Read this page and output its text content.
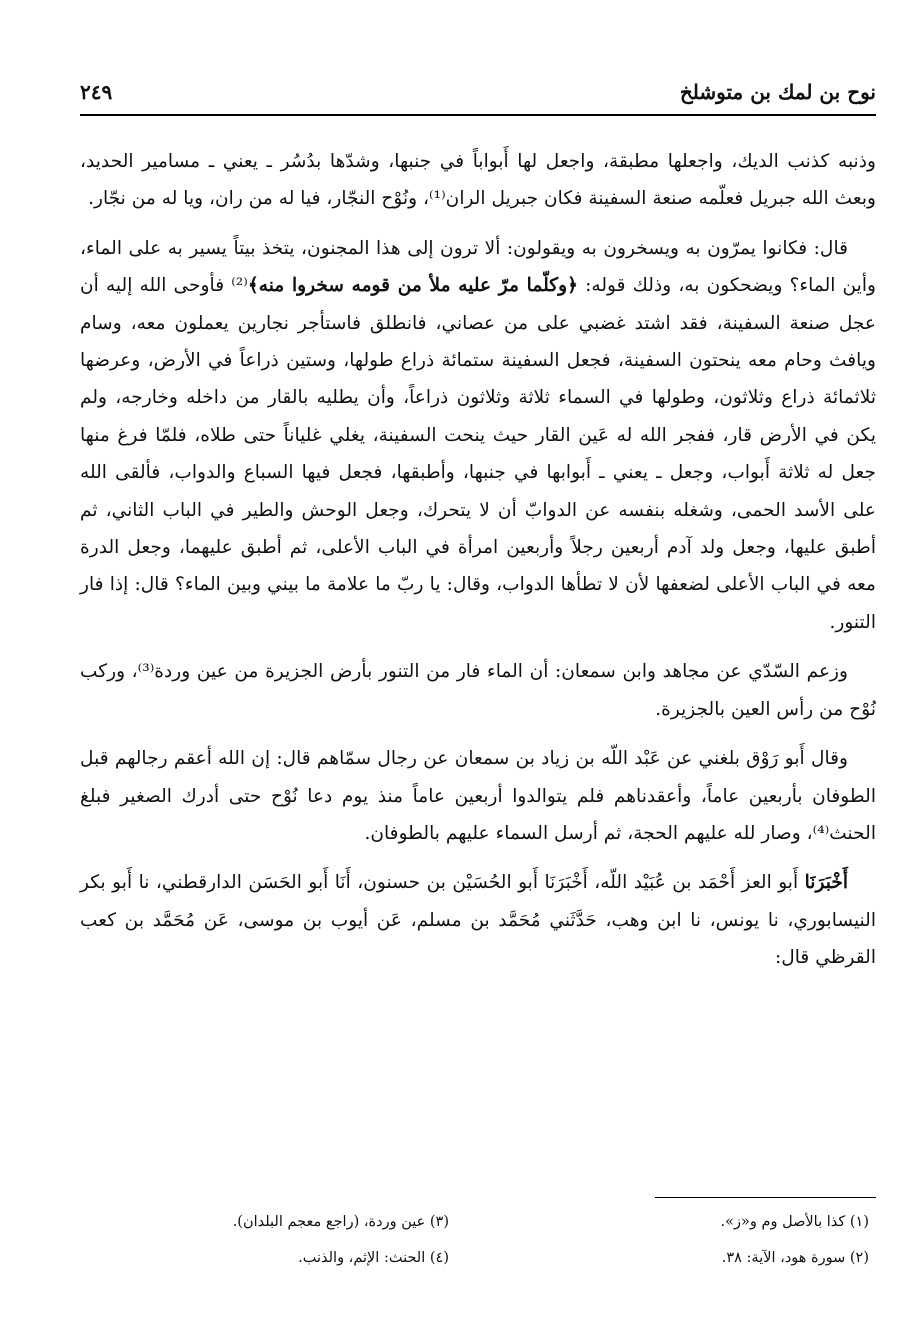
نوح بن لمك بن متوشلخ
٢٤٩

وذنبه كذنب الديك، واجعلها مطبقة، واجعل لها أَبواباً في جنبها، وشدّها بدُسُر ـ يعني ـ مسامير الحديد، وبعث الله جبريل فعلّمه صنعة السفينة فكان جبريل الران⁽¹⁾، ونُوْح النجّار، فيا له من ران، ويا له من نجّار.

قال: فكانوا يمرّون به ويسخرون به ويقولون: ألا ترون إلى هذا المجنون، يتخذ بيتاً يسير به على الماء، وأين الماء؟ ويضحكون به، وذلك قوله: ﴿وكلّما مرّ عليه ملأ من قومه سخروا منه﴾⁽²⁾ فأوحى الله إليه أن عجل صنعة السفينة، فقد اشتد غضبي على من عصاني، فانطلق فاستأجر نجارين يعملون معه، وسام ويافث وحام معه ينحتون السفينة، فجعل السفينة ستمائة ذراع طولها، وستين ذراعاً في الأرض، وعرضها ثلاثمائة ذراع وثلاثون، وطولها في السماء ثلاثة وثلاثون ذراعاً، وأن يطليه بالقار من داخله وخارجه، ولم يكن في الأرض قار، ففجر الله له عَين القار حيث ينحت السفينة، يغلي غلياناً حتى طلاه، فلمّا فرغ منها جعل له ثلاثة أَبواب، وجعل ـ يعني ـ أَبوابها في جنبها، وأطبقها، فجعل فيها السباع والدواب، فألقى الله على الأسد الحمى، وشغله بنفسه عن الدوابّ أن لا يتحرك، وجعل الوحش والطير في الباب الثاني، ثم أطبق عليها، وجعل ولد آدم أربعين رجلاً وأربعين امرأة في الباب الأعلى، ثم أطبق عليهما، وجعل الدرة معه في الباب الأعلى لضعفها لأن لا تطأها الدواب، وقال: يا ربّ ما علامة ما بيني وبين الماء؟ قال: إذا فار التنور.

وزعم السّدّي عن مجاهد وابن سمعان: أن الماء فار من التنور بأرض الجزيرة من عين وردة⁽³⁾، وركب نُوْح من رأس العين بالجزيرة.

وقال أَبو رَوْق بلغني عن عَبْد اللّه بن زياد بن سمعان عن رجال سمّاهم قال: إن الله أعقم رجالهم قبل الطوفان بأربعين عاماً، وأعقدناهم فلم يتوالدوا أربعين عاماً منذ يوم دعا نُوْح حتى أدرك الصغير فبلغ الحنث⁽⁴⁾، وصار لله عليهم الحجة، ثم أرسل السماء عليهم بالطوفان.

أَخْبَرَنَا أَبو العز أَحْمَد بن عُبَيْد اللّه، أَخْبَرَنَا أَبو الحُسَيْن بن حسنون، أَنَا أَبو الحَسَن الدارقطني، نا أَبو بكر النيسابوري، نا يونس، نا ابن وهب، حَدَّثَني مُحَمَّد بن مسلم، عَن أيوب بن موسى، عَن مُحَمَّد بن كعب القرظي قال:

(١) كذا بالأصل وم و«ز».
(٢) سورة هود، الآية: ٣٨.
(٣) عين وردة، (راجع معجم البلدان).
(٤) الحنث: الإثم، والذنب.
